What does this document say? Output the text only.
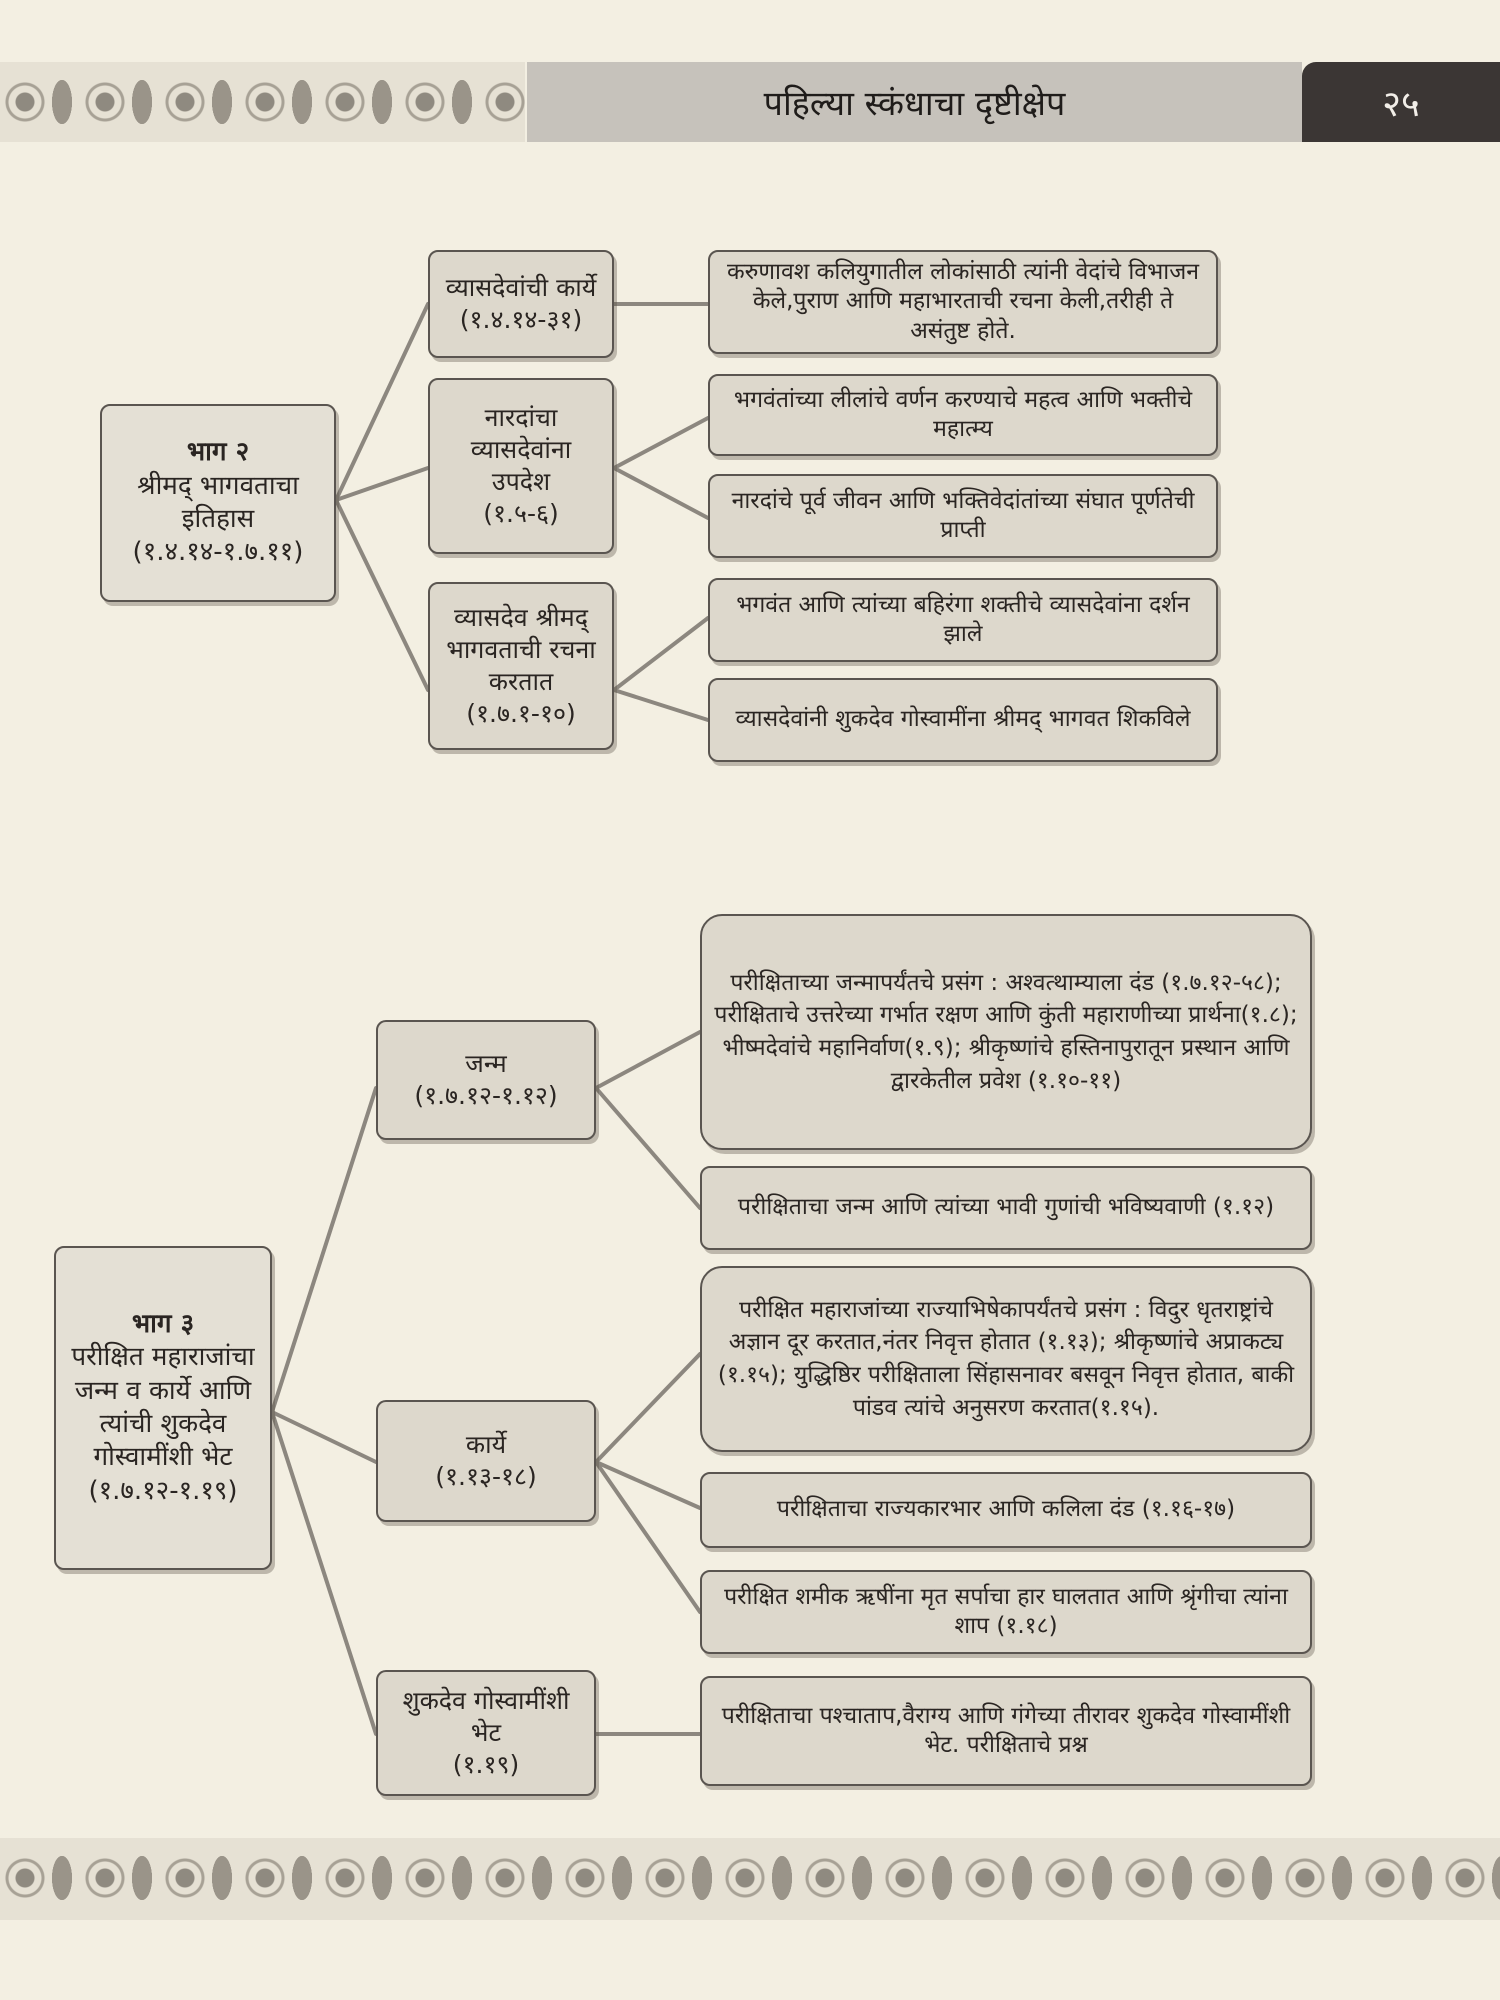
पहिल्या स्कंधाचा दृष्टीक्षेप	२५
भाग २
श्रीमद् भागवताचा इतिहास
(१.४.१४-१.७.११)
व्यासदेवांची कार्ये
(१.४.१४-३१)
नारदांचा व्यासदेवांना उपदेश
(१.५-६)
व्यासदेव श्रीमद् भागवताची रचना करतात
(१.७.१-१०)
करुणावश कलियुगातील लोकांसाठी त्यांनी वेदांचे विभाजन केले,पुराण आणि महाभारताची रचना केली,तरीही ते असंतुष्ट होते.
भगवंतांच्या लीलांचे वर्णन करण्याचे महत्व आणि भक्तीचे महात्म्य
नारदांचे पूर्व जीवन आणि भक्तिवेदांतांच्या संघात पूर्णतेची प्राप्ती
भगवंत आणि त्यांच्या बहिरंगा शक्तीचे व्यासदेवांना दर्शन झाले
व्यासदेवांनी शुकदेव गोस्वामींना श्रीमद् भागवत शिकविले
भाग ३
परीक्षित महाराजांचा जन्म व कार्ये आणि त्यांची शुकदेव गोस्वामींशी भेट
(१.७.१२-१.१९)
जन्म
(१.७.१२-१.१२)
कार्ये
(१.१३-१८)
शुकदेव गोस्वामींशी भेट
(१.१९)
परीक्षिताच्या जन्मापर्यंतचे प्रसंग : अश्वत्थाम्याला दंड (१.७.१२-५८); परीक्षिताचे उत्तरेच्या गर्भात रक्षण आणि कुंती महाराणीच्या प्रार्थना(१.८); भीष्मदेवांचे महानिर्वाण(१.९); श्रीकृष्णांचे हस्तिनापुरातून प्रस्थान आणि द्वारकेतील प्रवेश (१.१०-११)
परीक्षिताचा जन्म आणि त्यांच्या भावी गुणांची भविष्यवाणी (१.१२)
परीक्षित महाराजांच्या राज्याभिषेकापर्यंतचे प्रसंग : विदुर धृतराष्ट्रांचे अज्ञान दूर करतात,नंतर निवृत्त होतात (१.१३); श्रीकृष्णांचे अप्राकट्य (१.१५); युद्धिष्ठिर परीक्षिताला सिंहासनावर बसवून निवृत्त होतात, बाकी पांडव त्यांचे अनुसरण करतात(१.१५).
परीक्षिताचा राज्यकारभार आणि कलिला दंड (१.१६-१७)
परीक्षित शमीक ऋषींना मृत सर्पाचा हार घालतात आणि श्रृंगीचा त्यांना शाप (१.१८)
परीक्षिताचा पश्चाताप,वैराग्य आणि गंगेच्या तीरावर शुकदेव गोस्वामींशी भेट. परीक्षिताचे प्रश्न
